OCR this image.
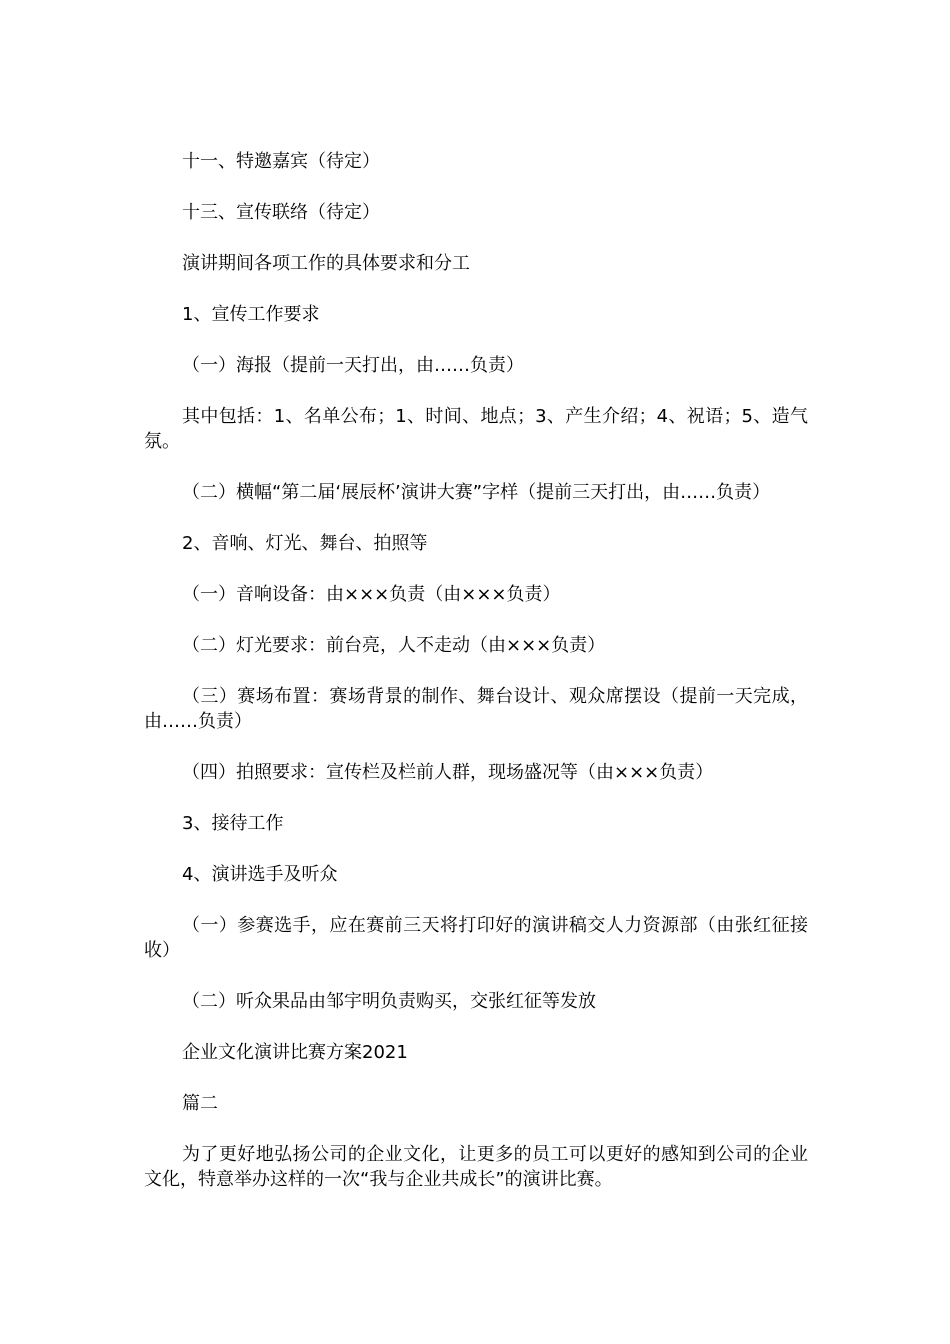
十一、特邀嘉宾（待定）

十三、宣传联络（待定）

演讲期间各项工作的具体要求和分工

1、宣传工作要求

（一）海报（提前一天打出，由……负责）

其中包括：1、名单公布；1、时间、地点；3、产生介绍；4、祝语；5、造气氛。

（二）横幅“第二届‘展辰杯’演讲大赛”字样（提前三天打出，由……负责）

2、音响、灯光、舞台、拍照等

（一）音响设备：由×××负责（由×××负责）

（二）灯光要求：前台亮，人不走动（由×××负责）

（三）赛场布置：赛场背景的制作、舞台设计、观众席摆设（提前一天完成，由……负责）

（四）拍照要求：宣传栏及栏前人群，现场盛况等（由×××负责）

3、接待工作

4、演讲选手及听众

（一）参赛选手，应在赛前三天将打印好的演讲稿交人力资源部（由张红征接收）

（二）听众果品由邹宇明负责购买，交张红征等发放

企业文化演讲比赛方案2021

篇二

为了更好地弘扬公司的企业文化，让更多的员工可以更好的感知到公司的企业文化，特意举办这样的一次“我与企业共成长”的演讲比赛。
